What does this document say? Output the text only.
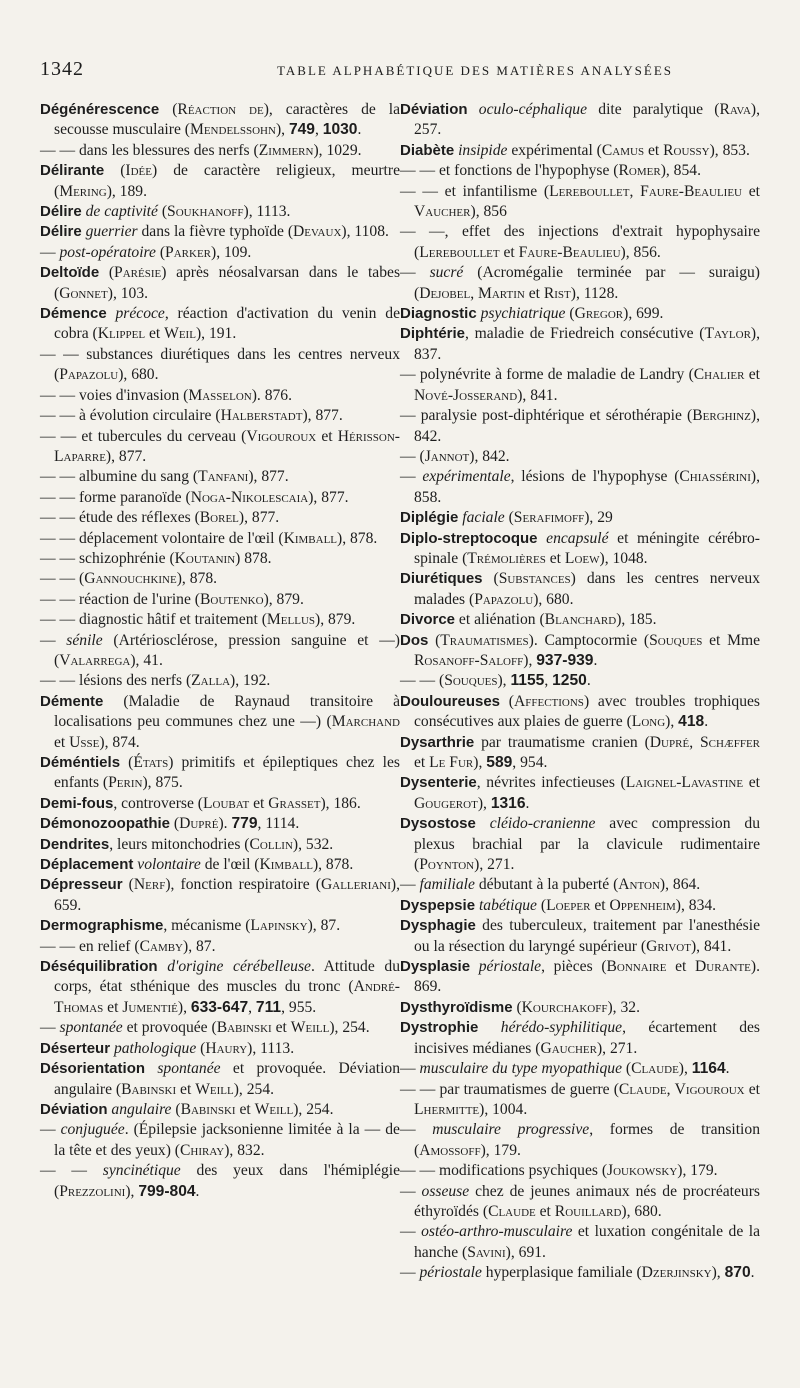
1342	TABLE ALPHABÉTIQUE DES MATIÈRES ANALYSÉES

Dégénérescence (Réaction de), caractères de la secousse musculaire (Mendelssohn), 749, 1030.

— — dans les blessures des nerfs (Zimmern), 1029.

Délirante (Idée) de caractère religieux, meurtre (Mering), 189.

Délire de captivité (Soukhanoff), 1113.

Délire guerrier dans la fièvre typhoïde (Devaux), 1108.

— post-opératoire (Parker), 109.

Deltoïde (Parésie) après néosalvarsan dans le tabes (Gonnet), 103.

Démence précoce, réaction d'activation du venin de cobra (Klippel et Weil), 191.

— — substances diurétiques dans les centres nerveux (Papazolu), 680.

— — voies d'invasion (Masselon). 876.

— — à évolution circulaire (Halberstadt), 877.

— — et tubercules du cerveau (Vigouroux et Hérisson-Laparre), 877.

— — albumine du sang (Tanfani), 877.

— — forme paranoïde (Noga-Nikolescaia), 877.

— — étude des réflexes (Borel), 877.

— — déplacement volontaire de l'œil (Kimball), 878.

— — schizophrénie (Koutanin) 878.

— — (Gannouchkine), 878.

— — réaction de l'urine (Boutenko), 879.

— — diagnostic hâtif et traitement (Mellus), 879.

— sénile (Artériosclérose, pression sanguine et —) (Valarrega), 41.

— — lésions des nerfs (Zalla), 192.

Démente (Maladie de Raynaud transitoire à localisations peu communes chez une —) (Marchand et Usse), 874.

Déméntiels (États) primitifs et épileptiques chez les enfants (Perin), 875.

Demi-fous, controverse (Loubat et Grasset), 186.

Démonozoopathie (Dupré). 779, 1114.

Dendrites, leurs mitonchodries (Collin), 532.

Déplacement volontaire de l'œil (Kimball), 878.

Dépresseur (Nerf), fonction respiratoire (Galleriani), 659.

Dermographisme, mécanisme (Lapinsky), 87.

— — en relief (Camby), 87.

Déséquilibration d'origine cérébelleuse. Attitude du corps, état sthénique des muscles du tronc (André-Thomas et Jumentié), 633-647, 711, 955.

— spontanée et provoquée (Babinski et Weill), 254.

Déserteur pathologique (Haury), 1113.

Désorientation spontanée et provoquée. Déviation angulaire (Babinski et Weill), 254.

Déviation angulaire (Babinski et Weill), 254.

— conjuguée. (Épilepsie jacksonienne limitée à la — de la tête et des yeux) (Chiray), 832.

— — syncinétique des yeux dans l'hémiplégie (Prezzolini), 799-804.

Déviation oculo-céphalique dite paralytique (Rava), 257.

Diabète insipide expérimental (Camus et Roussy), 853.

— — et fonctions de l'hypophyse (Romer), 854.

— — et infantilisme (Lereboullet, Faure-Beaulieu et Vaucher), 856

— —, effet des injections d'extrait hypophysaire (Lereboullet et Faure-Beaulieu), 856.

— sucré (Acromégalie terminée par — suraigu) (Dejobel, Martin et Rist), 1128.

Diagnostic psychiatrique (Gregor), 699.

Diphtérie, maladie de Friedreich consécutive (Taylor), 837.

— polynévrite à forme de maladie de Landry (Chalier et Nové-Josserand), 841.

— paralysie post-diphtérique et sérothérapie (Berghinz), 842.

— (Jannot), 842.

— expérimentale, lésions de l'hypophyse (Chiassérini), 858.

Diplégie faciale (Serafimoff), 29

Diplo-streptocoque encapsulé et méningite cérébro-spinale (Trémolières et Loew), 1048.

Diurétiques (Substances) dans les centres nerveux malades (Papazolu), 680.

Divorce et aliénation (Blanchard), 185.

Dos (Traumatismes). Camptocormie (Souques et Mme Rosanoff-Saloff), 937-939.

— — (Souques), 1155, 1250.

Douloureuses (Affections) avec troubles trophiques consécutives aux plaies de guerre (Long), 418.

Dysarthrie par traumatisme cranien (Dupré, Schæffer et Le Fur), 589, 954.

Dysenterie, névrites infectieuses (Laignel-Lavastine et Gougerot), 1316.

Dysostose cléido-cranienne avec compression du plexus brachial par la clavicule rudimentaire (Poynton), 271.

— familiale débutant à la puberté (Anton), 864.

Dyspepsie tabétique (Loeper et Oppenheim), 834.

Dysphagie des tuberculeux, traitement par l'anesthésie ou la résection du laryngé supérieur (Grivot), 841.

Dysplasie périostale, pièces (Bonnaire et Durante). 869.

Dysthyroïdisme (Kourchakoff), 32.

Dystrophie hérédo-syphilitique, écartement des incisives médianes (Gaucher), 271.

— musculaire du type myopathique (Claude), 1164.

— — par traumatismes de guerre (Claude, Vigouroux et Lhermitte), 1004.

— musculaire progressive, formes de transition (Amossoff), 179.

— — modifications psychiques (Joukowsky), 179.

— osseuse chez de jeunes animaux nés de procréateurs éthyroïdés (Claude et Rouillard), 680.

— ostéo-arthro-musculaire et luxation congénitale de la hanche (Savini), 691.

— périostale hyperplasique familiale (Dzerjinsky), 870.
